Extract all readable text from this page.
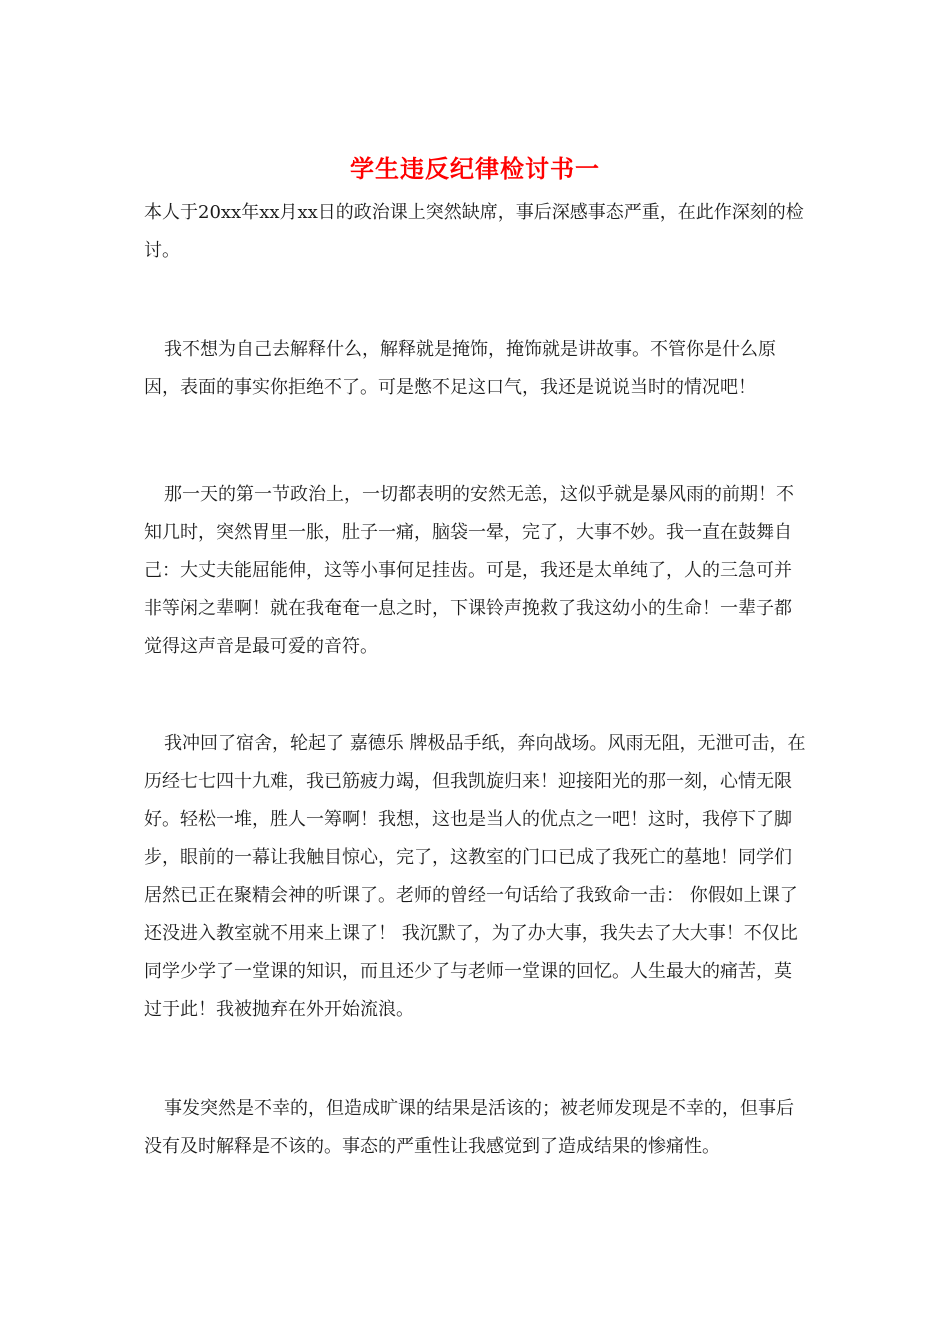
学生违反纪律检讨书一

本人于20xx年xx月xx日的政治课上突然缺席，事后深感事态严重，在此作深刻的检讨。

我不想为自己去解释什么，解释就是掩饰，掩饰就是讲故事。不管你是什么原因，表面的事实你拒绝不了。可是憋不足这口气，我还是说说当时的情况吧！

那一天的第一节政治上，一切都表明的安然无恙，这似乎就是暴风雨的前期！不知几时，突然胃里一胀，肚子一痛，脑袋一晕，完了，大事不妙。我一直在鼓舞自己：大丈夫能屈能伸，这等小事何足挂齿。可是，我还是太单纯了，人的三急可并非等闲之辈啊！就在我奄奄一息之时，下课铃声挽救了我这幼小的生命！一辈子都觉得这声音是最可爱的音符。

我冲回了宿舍，轮起了 嘉德乐 牌极品手纸，奔向战场。风雨无阻，无泄可击，在历经七七四十九难，我已筋疲力竭，但我凯旋归来！迎接阳光的那一刻，心情无限好。轻松一堆，胜人一筹啊！我想，这也是当人的优点之一吧！这时，我停下了脚步，眼前的一幕让我触目惊心，完了，这教室的门口已成了我死亡的墓地！同学们居然已正在聚精会神的听课了。老师的曾经一句话给了我致命一击： 你假如上课了还没进入教室就不用来上课了！ 我沉默了，为了办大事，我失去了大大事！不仅比同学少学了一堂课的知识，而且还少了与老师一堂课的回忆。人生最大的痛苦，莫过于此！我被抛弃在外开始流浪。

事发突然是不幸的，但造成旷课的结果是活该的；被老师发现是不幸的，但事后没有及时解释是不该的。事态的严重性让我感觉到了造成结果的惨痛性。
